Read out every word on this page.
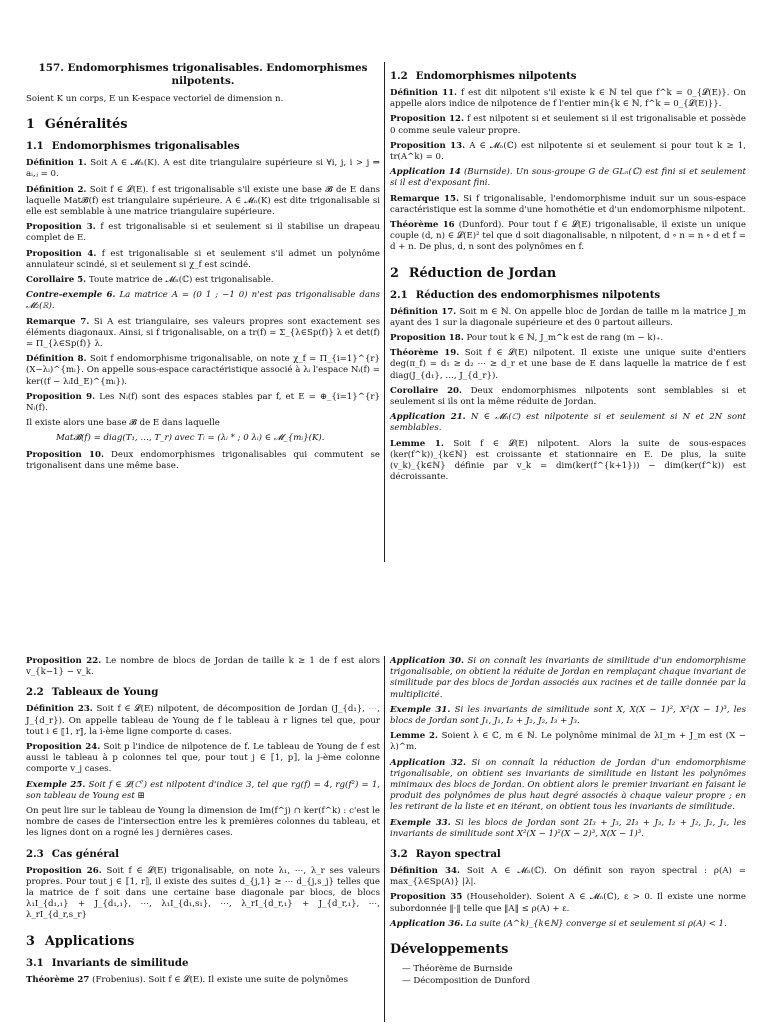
157. Endomorphismes trigonalisables. Endomorphismes nilpotents.

Soient K un corps, E un K-espace vectoriel de dimension n.

1 Généralités
1.1 Endomorphismes trigonalisables

Définition 1. Soit A ∈ 𝓜ₙ(K). A est dite triangulaire supérieure si ∀i, j, i > j ⇒ aᵢ,ⱼ = 0.

Définition 2. Soit f ∈ 𝓛(E). f est trigonalisable s'il existe une base 𝓑 de E dans laquelle Mat𝓑(f) est triangulaire supérieure. A ∈ 𝓜ₙ(K) est dite trigonalisable si elle est semblable à une matrice triangulaire supérieure.

Proposition 3. f est trigonalisable si et seulement si il stabilise un drapeau complet de E.

Proposition 4. f est trigonalisable si et seulement s'il admet un polynôme annulateur scindé, si et seulement si χ_f est scindé.

Corollaire 5. Toute matrice de 𝓜ₙ(ℂ) est trigonalisable.

Contre-exemple 6. La matrice A = (0 1 ; −1 0) n'est pas trigonalisable dans 𝓜₂(ℝ).

Remarque 7. Si A est triangulaire, ses valeurs propres sont exactement ses éléments diagonaux. Ainsi, si f trigonalisable, on a tr(f) = Σ_{λ∈Sp(f)} λ et det(f) = Π_{λ∈Sp(f)} λ.

Définition 8. Soit f endomorphisme trigonalisable, on note χ_f = Π_{i=1}^{r} (X−λᵢ)^{mᵢ}. On appelle sous-espace caractéristique associé à λᵢ l'espace Nᵢ(f) = ker((f − λᵢId_E)^{mᵢ}).

Proposition 9. Les Nᵢ(f) sont des espaces stables par f, et E = ⊕_{i=1}^{r} Nᵢ(f).

Il existe alors une base 𝓑 de E dans laquelle

Mat𝓑(f) = diag(T₁, …, T_r) avec Tᵢ = (λᵢ * ; 0 λᵢ) ∈ 𝓜_{mᵢ}(K).

Proposition 10. Deux endomorphismes trigonalisables qui commutent se trigonalisent dans une même base.

1.2 Endomorphismes nilpotents

Définition 11. f est dit nilpotent s'il existe k ∈ ℕ tel que f^k = 0_{𝓛(E)}. On appelle alors indice de nilpotence de f l'entier min{k ∈ ℕ, f^k = 0_{𝓛(E)}}.

Proposition 12. f est nilpotent si et seulement si il est trigonalisable et possède 0 comme seule valeur propre.

Proposition 13. A ∈ 𝓜ₙ(ℂ) est nilpotente si et seulement si pour tout k ≥ 1, tr(A^k) = 0.

Application 14 (Burnside). Un sous-groupe G de GLₙ(ℂ) est fini si et seulement si il est d'exposant fini.

Remarque 15. Si f trigonalisable, l'endomorphisme induit sur un sous-espace caractéristique est la somme d'une homothétie et d'un endomorphisme nilpotent.

Théorème 16 (Dunford). Pour tout f ∈ 𝓛(E) trigonalisable, il existe un unique couple (d, n) ∈ 𝓛(E)² tel que d soit diagonalisable, n nilpotent, d ∘ n = n ∘ d et f = d + n. De plus, d, n sont des polynômes en f.

2 Réduction de Jordan
2.1 Réduction des endomorphismes nilpotents

Définition 17. Soit m ∈ ℕ. On appelle bloc de Jordan de taille m la matrice J_m ayant des 1 sur la diagonale supérieure et des 0 partout ailleurs.

Proposition 18. Pour tout k ∈ ℕ, J_m^k est de rang (m − k)₊.

Théorème 19. Soit f ∈ 𝓛(E) nilpotent. Il existe une unique suite d'entiers deg(π_f) = d₁ ≥ d₂ ⋯ ≥ d_r et une base de E dans laquelle la matrice de f est diag(J_{d₁}, …, J_{d_r}).

Corollaire 20. Deux endomorphismes nilpotents sont semblables si et seulement si ils ont la même réduite de Jordan.

Application 21. N ∈ 𝓜ₙ(ℂ) est nilpotente si et seulement si N et 2N sont semblables.

Lemme 1. Soit f ∈ 𝓛(E) nilpotent. Alors la suite de sous-espaces (ker(f^k))_{k∈ℕ} est croissante et stationnaire en E. De plus, la suite (v_k)_{k∈ℕ} définie par v_k = dim(ker(f^{k+1})) − dim(ker(f^k)) est décroissante.

Proposition 22. Le nombre de blocs de Jordan de taille k ≥ 1 de f est alors v_{k−1} − v_k.

2.2 Tableaux de Young

Définition 23. Soit f ∈ 𝓛(E) nilpotent, de décomposition de Jordan (J_{d₁}, ⋯, J_{d_r}). On appelle tableau de Young de f le tableau à r lignes tel que, pour tout i ∈ ⟦1, r⟧, la i-ème ligne comporte dᵢ cases.

Proposition 24. Soit p l'indice de nilpotence de f. Le tableau de Young de f est aussi le tableau à p colonnes tel que, pour tout j ∈ ⟦1, p⟧, la j-ème colonne comporte v_j cases.

Exemple 25. Soit f ∈ 𝓛(ℂ⁷) est nilpotent d'indice 3, tel que rg(f) = 4, rg(f²) = 1, son tableau de Young est ⊞

On peut lire sur le tableau de Young la dimension de Im(f^j) ∩ ker(f^k) : c'est le nombre de cases de l'intersection entre les k premières colonnes du tableau, et les lignes dont on a rogné les j dernières cases.

2.3 Cas général

Proposition 26. Soit f ∈ 𝓛(E) trigonalisable, on note λ₁, ⋯, λ_r ses valeurs propres. Pour tout j ∈ ⟦1, r⟧, il existe des suites d_{j,1} ≥ ⋯ d_{j,s_j} telles que la matrice de f soit dans une certaine base diagonale par blocs, de blocs λ₁I_{d₁,₁} + J_{d₁,₁}, ⋯, λ₁I_{d₁,s₁}, ⋯, λ_rI_{d_r,₁} + J_{d_r,₁}, ⋯, λ_rI_{d_r,s_r}

3 Applications
3.1 Invariants de similitude

Théorème 27 (Frobenius). Soit f ∈ 𝓛(E). Il existe une suite de polynômes

Application 30. Si on connaît les invariants de similitude d'un endomorphisme trigonalisable, on obtient la réduite de Jordan en remplaçant chaque invariant de similitude par des blocs de Jordan associés aux racines et de taille donnée par la multiplicité.

Exemple 31. Si les invariants de similitude sont X, X(X − 1)², X²(X − 1)³, les blocs de Jordan sont J₁, J₁, I₂ + J₂, J₂, I₃ + J₃.

Lemme 2. Soient λ ∈ ℂ, m ∈ ℕ. Le polynôme minimal de λI_m + J_m est (X − λ)^m.

Application 32. Si on connaît la réduction de Jordan d'un endomorphisme trigonalisable, on obtient ses invariants de similitude en listant les polynômes minimaux des blocs de Jordan. On obtient alors le premier invariant en faisant le produit des polynômes de plus haut degré associés à chaque valeur propre ; en les retirant de la liste et en itérant, on obtient tous les invariants de similitude.

Exemple 33. Si les blocs de Jordan sont 2I₃ + J₃, 2I₃ + J₃, I₂ + J₂, J₂, J₁, les invariants de similitude sont X²(X − 1)²(X − 2)³, X(X − 1)³.

3.2 Rayon spectral

Définition 34. Soit A ∈ 𝓜ₙ(ℂ). On définit son rayon spectral : ρ(A) = max_{λ∈Sp(A)} |λ|.

Proposition 35 (Householder). Soient A ∈ 𝓜ₙ(ℂ), ε > 0. Il existe une norme subordonnée ‖·‖ telle que ‖A‖ ≤ ρ(A) + ε.

Application 36. La suite (A^k)_{k∈ℕ} converge si et seulement si ρ(A) < 1.

Développements
— Théorème de Burnside
— Décomposition de Dunford
